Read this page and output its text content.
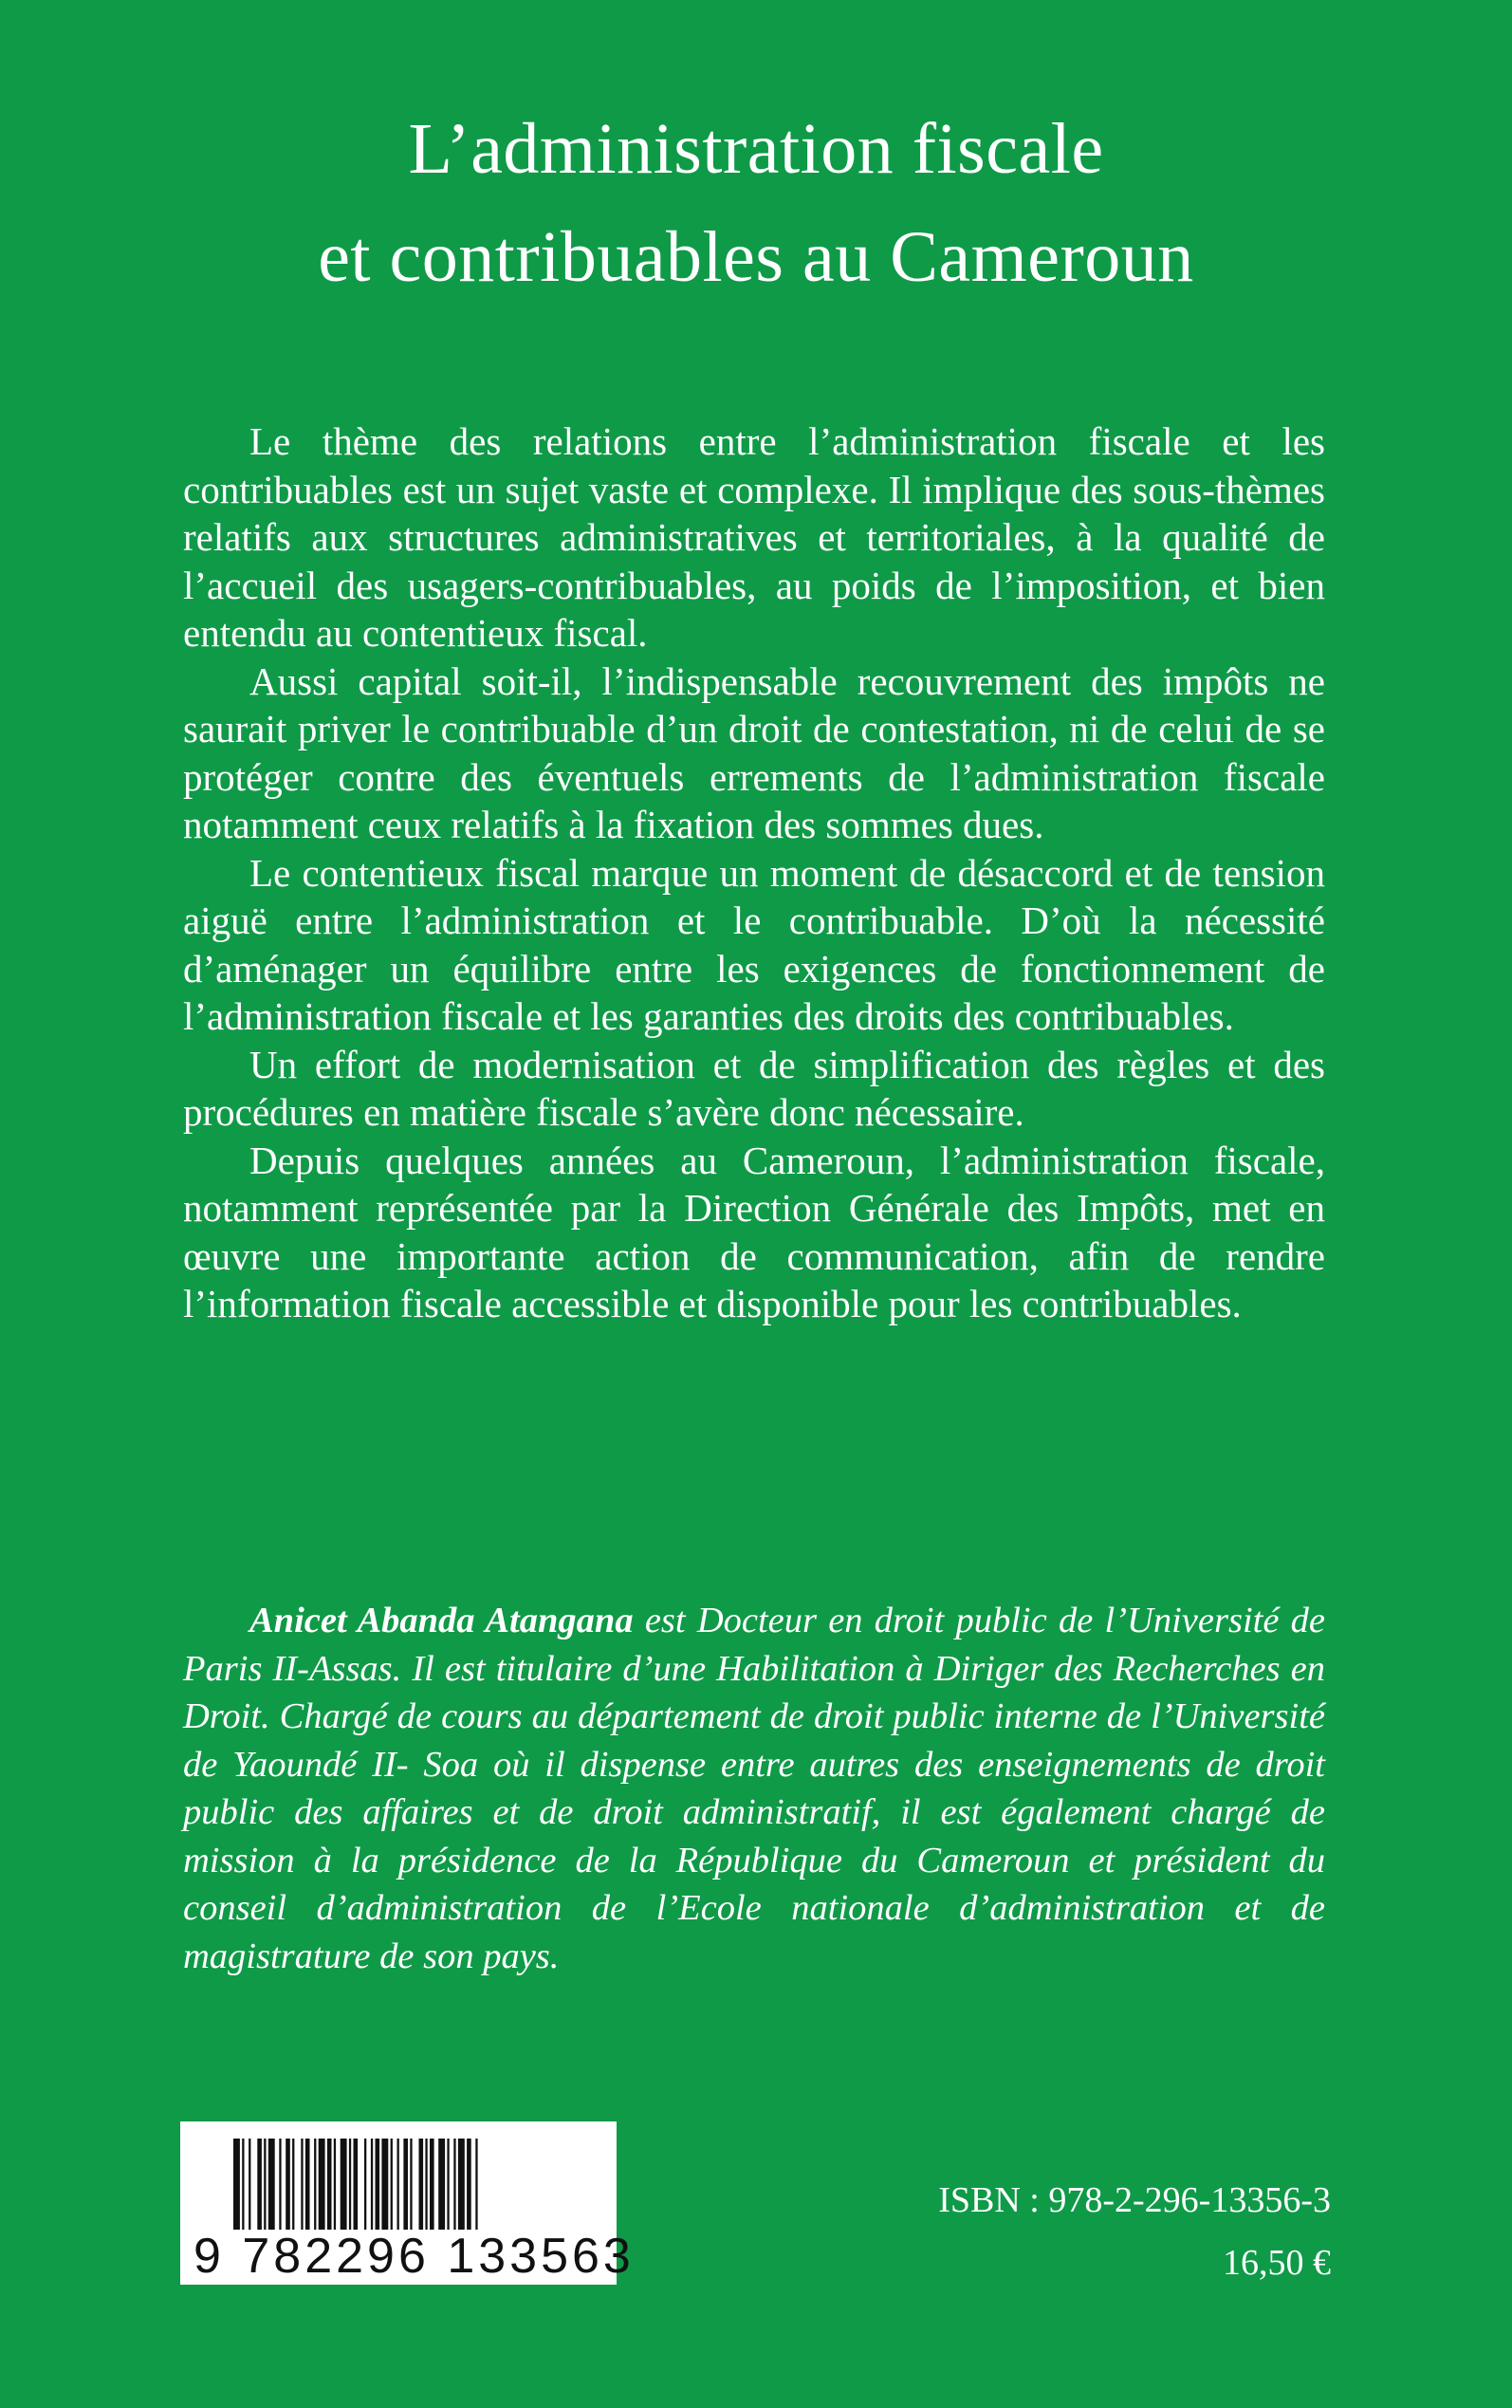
L’administration fiscale
et contribuables au Cameroun

Le thème des relations entre l’administration fiscale et les contribuables est un sujet vaste et complexe. Il implique des sous-thèmes relatifs aux structures administratives et territoriales, à la qualité de l’accueil des usagers-contribuables, au poids de l’imposition, et bien entendu au contentieux fiscal.

Aussi capital soit-il, l’indispensable recouvrement des impôts ne saurait priver le contribuable d’un droit de contestation, ni de celui de se protéger contre des éventuels errements de l’administration fiscale notamment ceux relatifs à la fixation des sommes dues.

Le contentieux fiscal marque un moment de désaccord et de tension aiguë entre l’administration et le contribuable. D’où la nécessité d’aménager un équilibre entre les exigences de fonctionnement de l’administration fiscale et les garanties des droits des contribuables.

Un effort de modernisation et de simplification des règles et des procédures en matière fiscale s’avère donc nécessaire.

Depuis quelques années au Cameroun, l’administration fiscale, notamment représentée par la Direction Générale des Impôts, met en œuvre une importante action de communication, afin de rendre l’information fiscale accessible et disponible pour les contribuables.

Anicet Abanda Atangana est Docteur en droit public de l’Université de Paris II-Assas. Il est titulaire d’une Habilitation à Diriger des Recherches en Droit. Chargé de cours au département de droit public interne de l’Université de Yaoundé II- Soa où il dispense entre autres des enseignements de droit public des affaires et de droit administratif, il est également chargé de mission à la présidence de la République du Cameroun et président du conseil d’administration de l’Ecole nationale d’administration et de magistrature de son pays.

9 782296 133563
ISBN : 978-2-296-13356-3
16,50 €
